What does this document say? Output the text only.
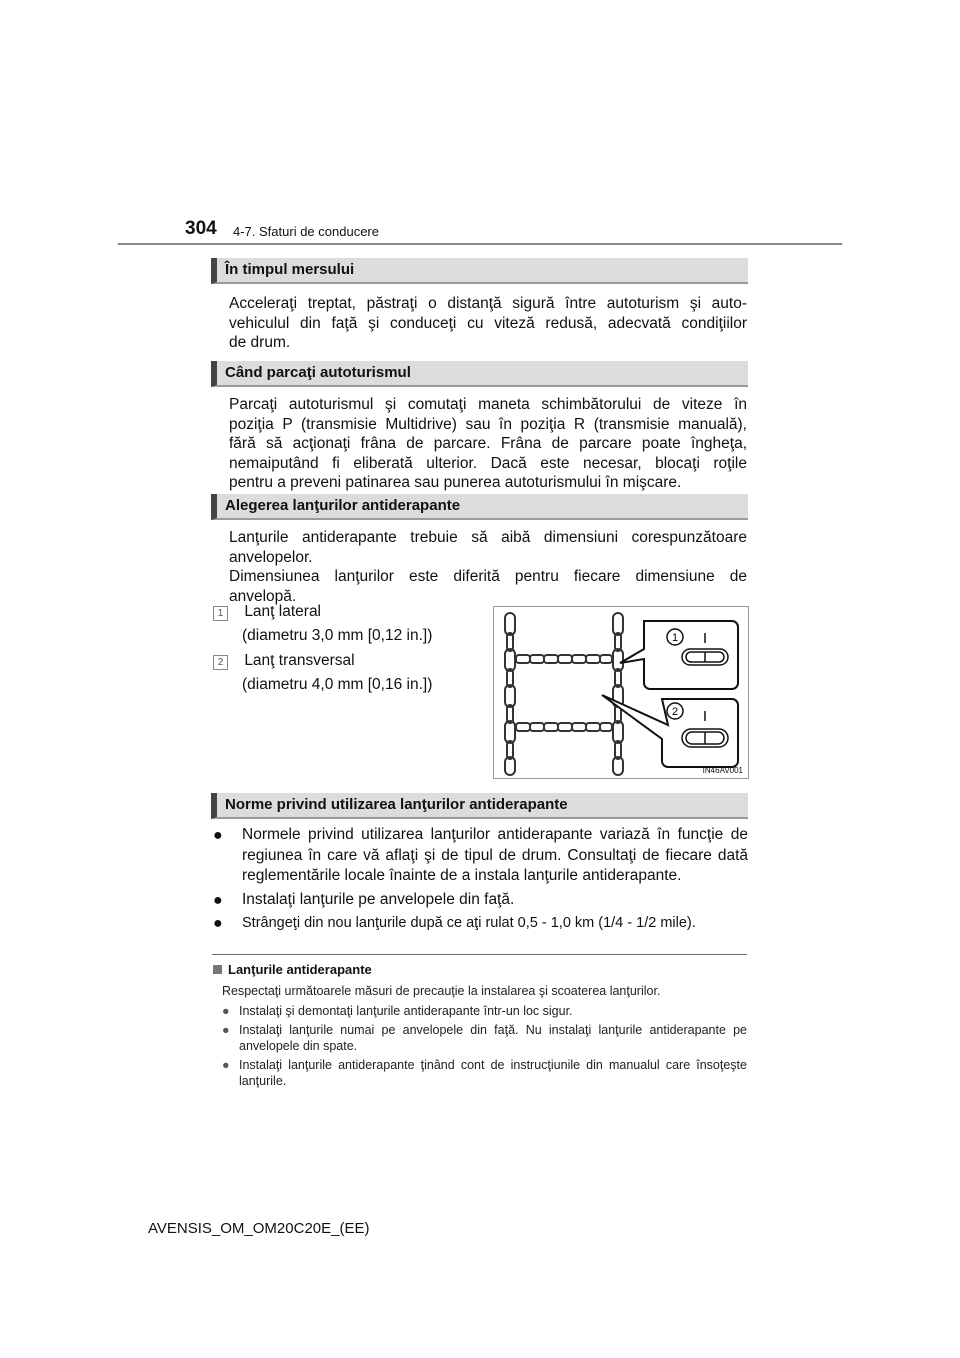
304 4-7. Sfaturi de conducere
În timpul mersului
Acceleraţi treptat, păstraţi o distanţă sigură între autoturism şi auto-
vehiculul din faţă şi conduceţi cu viteză redusă, adecvată condiţiilor
de drum.
Când parcaţi autoturismul
Parcaţi autoturismul şi comutaţi maneta schimbătorului de viteze în
poziţia P (transmisie Multidrive) sau în poziţia R (transmisie manuală),
fără să acţionaţi frâna de parcare. Frâna de parcare poate îngheţa,
nemaiputând fi eliberată ulterior. Dacă este necesar, blocaţi roţile
pentru a preveni patinarea sau punerea autoturismului în mişcare.
Alegerea lanţurilor antiderapante
Lanţurile antiderapante trebuie să aibă dimensiuni corespunzătoare
anvelopelor.
Dimensiunea lanţurilor este diferită pentru fiecare dimensiune de
anvelopă.
1 Lanţ lateral
(diametru 3,0 mm [0,12 in.])
2 Lanţ transversal
(diametru 4,0 mm [0,16 in.])
1
2
IN46AV001
Norme privind utilizarea lanţurilor antiderapante
● Normele privind utilizarea lanţurilor antiderapante variază în funcţie de regiunea în care vă aflaţi şi de tipul de drum. Consultaţi de fiecare dată reglementările locale înainte de a instala lanţurile antiderapante.
● Instalaţi lanţurile pe anvelopele din faţă.
● Strângeţi din nou lanţurile după ce aţi rulat 0,5 - 1,0 km (1/4 - 1/2 mile).
Lanţurile antiderapante
Respectaţi următoarele măsuri de precauţie la instalarea şi scoaterea lanţurilor.
● Instalaţi şi demontaţi lanţurile antiderapante într-un loc sigur.
● Instalaţi lanţurile numai pe anvelopele din faţă. Nu instalaţi lanţurile antiderapante pe anvelopele din spate.
● Instalaţi lanţurile antiderapante ţinând cont de instrucţiunile din manualul care însoţeşte lanţurile.
AVENSIS_OM_OM20C20E_(EE)
